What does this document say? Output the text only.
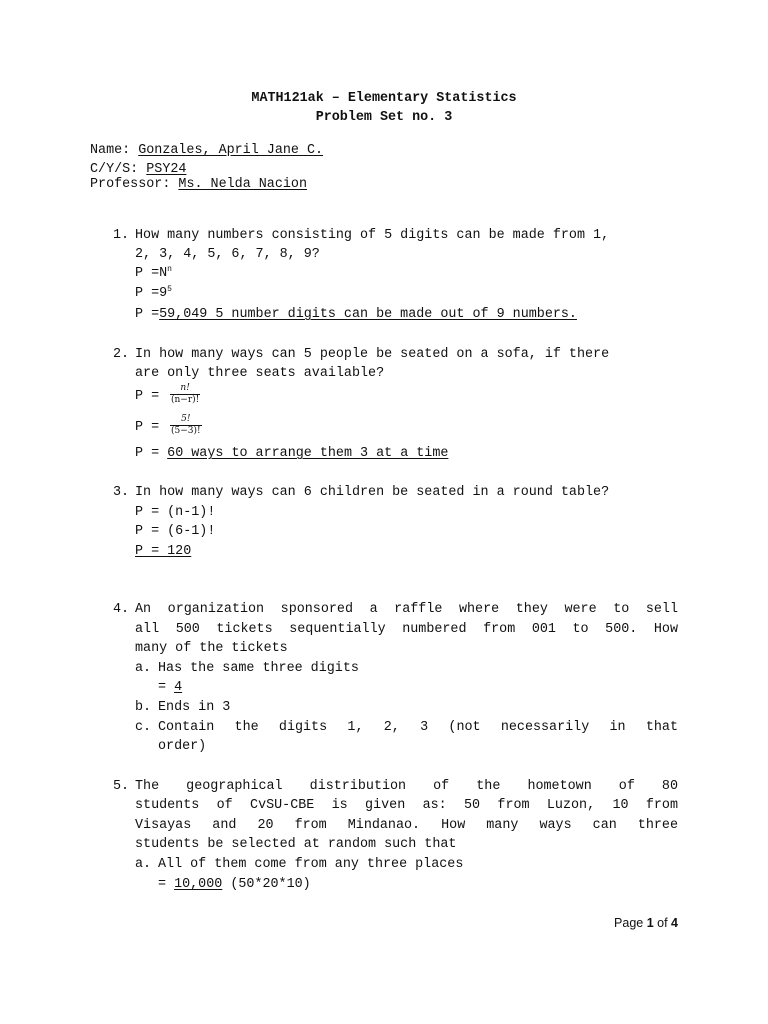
MATH121ak – Elementary Statistics
Problem Set no. 3
Name: Gonzales, April Jane C.
C/Y/S: PSY24
Professor: Ms. Nelda Nacion
1. How many numbers consisting of 5 digits can be made from 1,
2, 3, 4, 5, 6, 7, 8, 9?
$P =N^n$
$P =9^5$
P =59,049 5 number digits can be made out of 9 numbers.
2. In how many ways can 5 people be seated on a sofa, if there
are only three seats available?
$P = \frac{n!}{(n-r)!}$
$P = \frac{5!}{(5-3)!}$
P = 60 ways to arrange them 3 at a time
3. In how many ways can 6 children be seated in a round table?
P = (n-1)!
P = (6-1)!
P = 120
4. An organization sponsored a raffle where they were to sell
all 500 tickets sequentially numbered from 001 to 500. How
many of the tickets
a. Has the same three digits
= 4
b. Ends in 3
c. Contain the digits 1, 2, 3 (not necessarily in that
order)
5. The geographical distribution of the hometown of 80
students of CvSU-CBE is given as: 50 from Luzon, 10 from
Visayas and 20 from Mindanao. How many ways can three
students be selected at random such that
a. All of them come from any three places
= 10,000 (50*20*10)
Page 1 of 4
